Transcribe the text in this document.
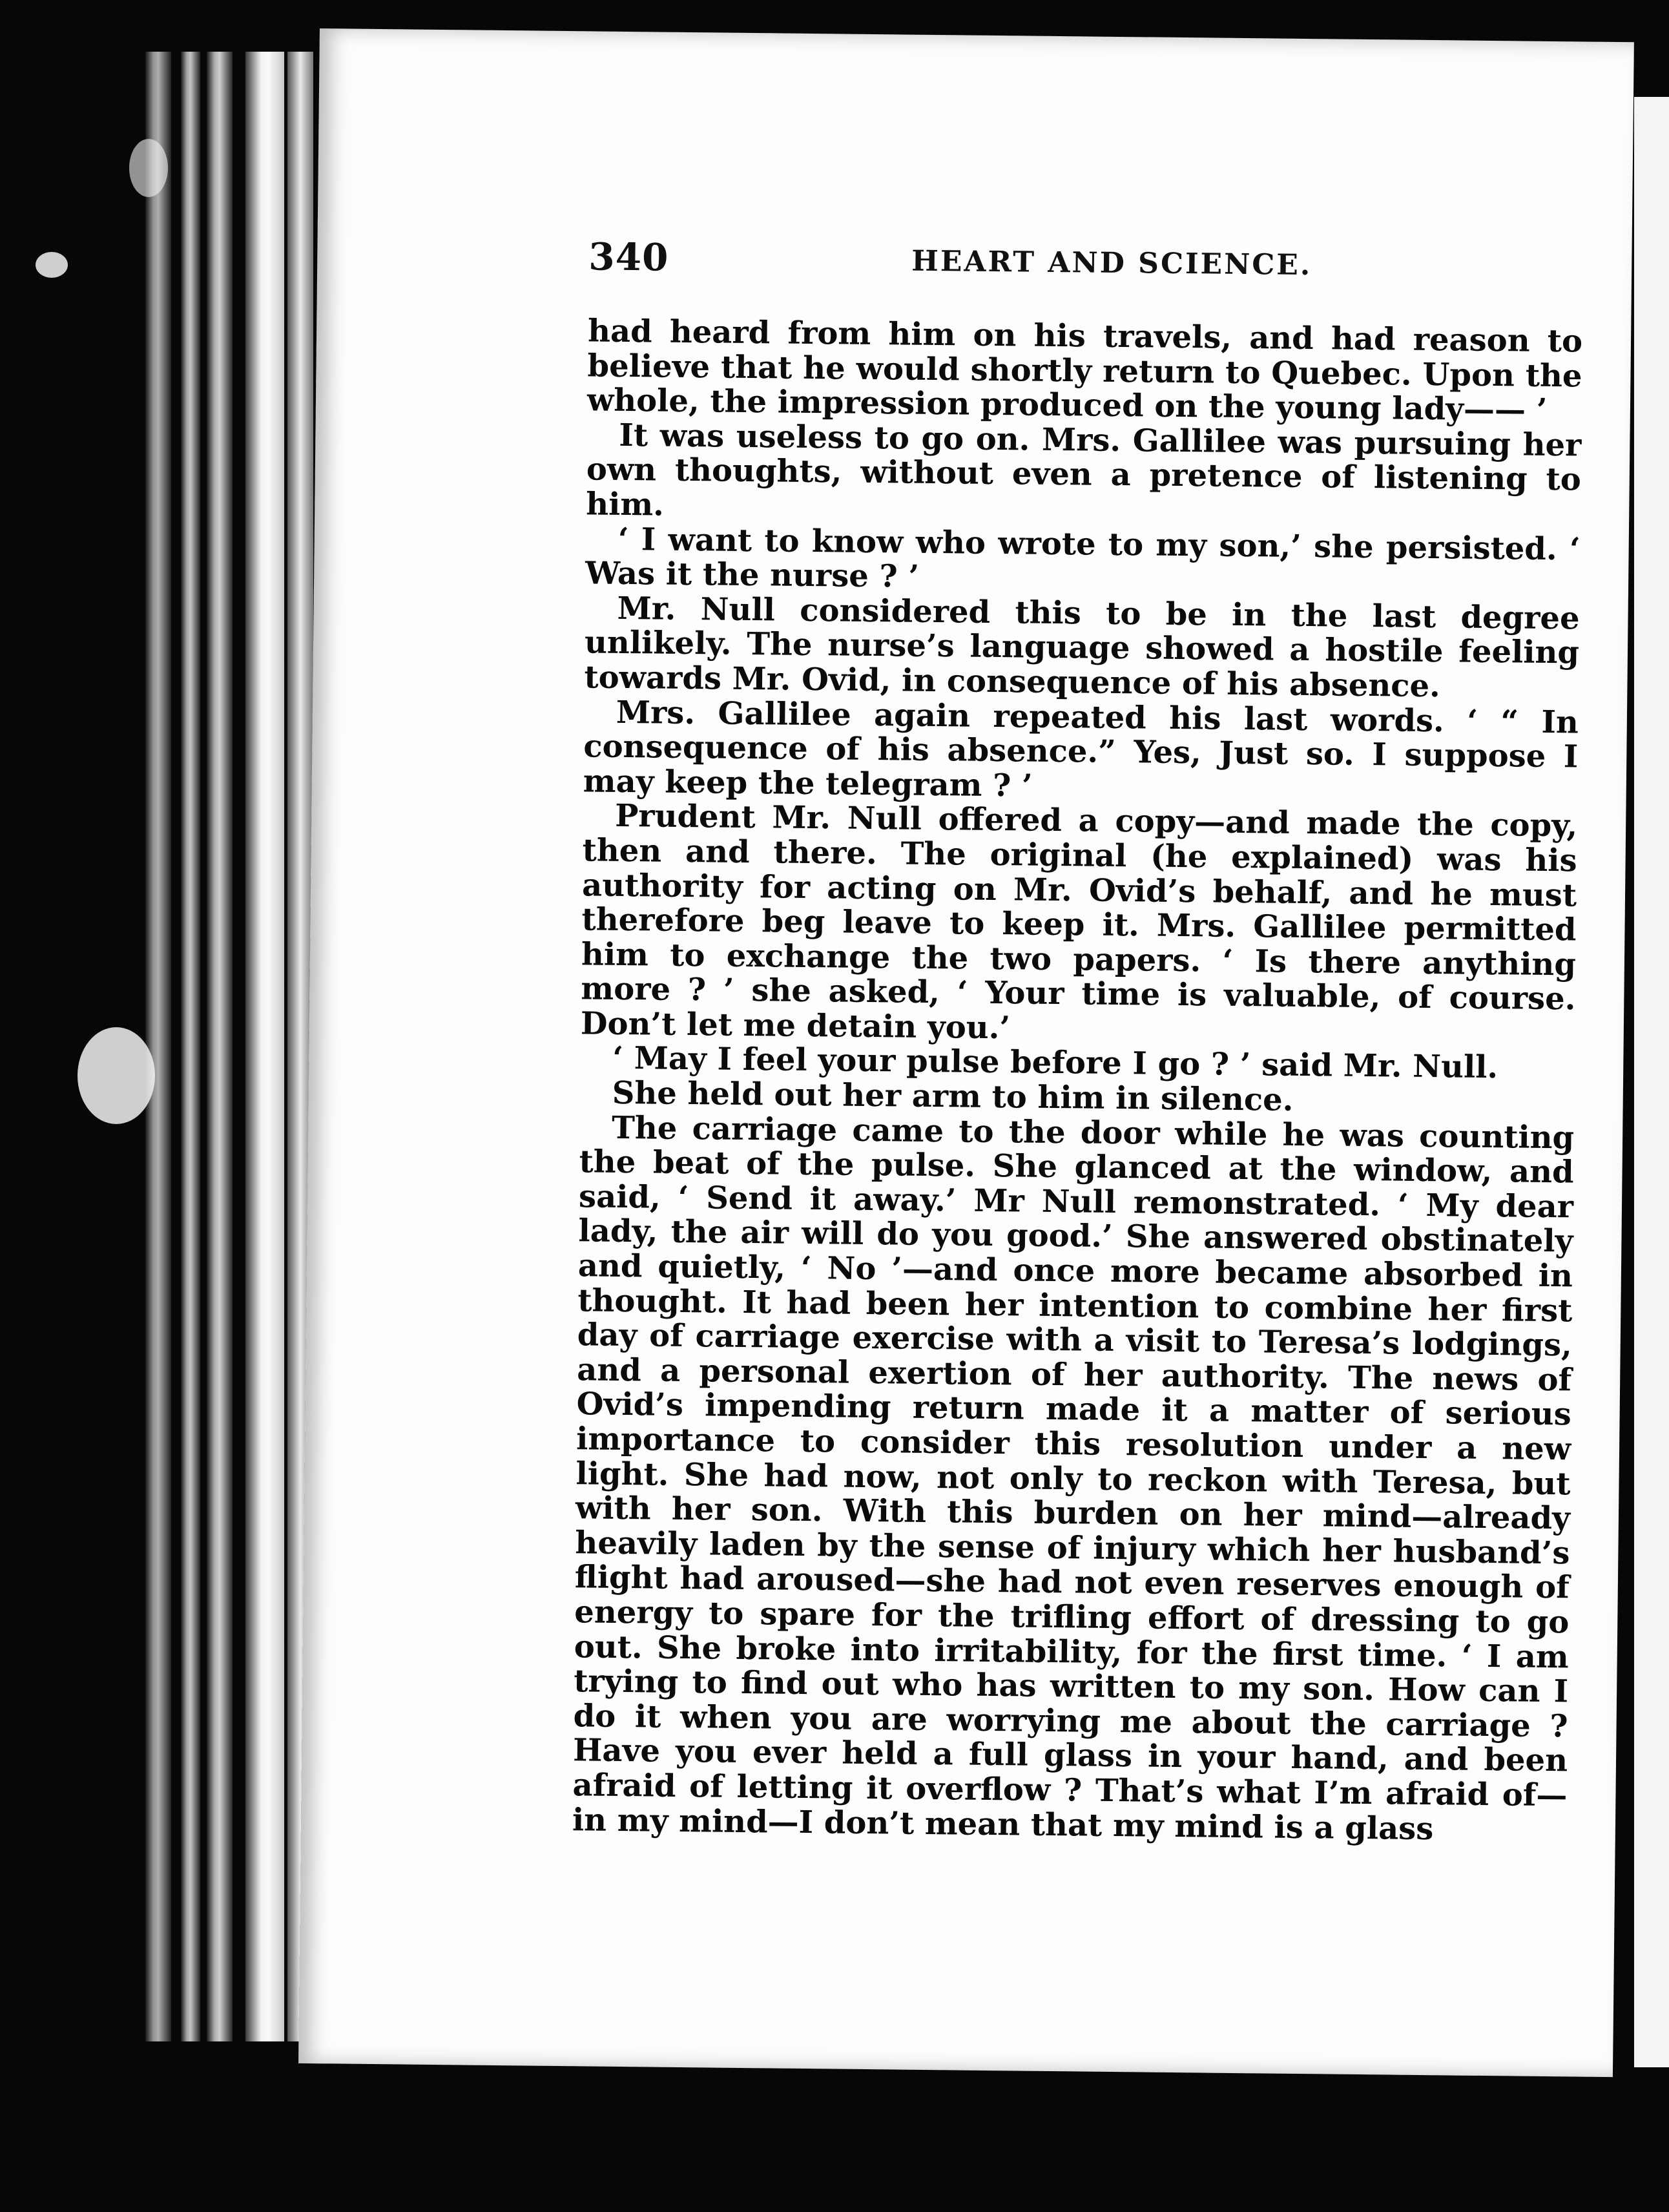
340	HEART AND SCIENCE.

had heard from him on his travels, and had reason to believe that he would shortly return to Quebec. Upon the whole, the impression produced on the young lady—— ’

It was useless to go on. Mrs. Gallilee was pursuing her own thoughts, without even a pretence of listening to him.

‘ I want to know who wrote to my son,’ she persisted. ‘ Was it the nurse ? ’

Mr. Null considered this to be in the last degree unlikely. The nurse’s language showed a hostile feeling towards Mr. Ovid, in consequence of his absence.

Mrs. Gallilee again repeated his last words. ‘ “ In consequence of his absence.” Yes, Just so. I suppose I may keep the telegram ? ’

Prudent Mr. Null offered a copy—and made the copy, then and there. The original (he explained) was his authority for acting on Mr. Ovid’s behalf, and he must therefore beg leave to keep it. Mrs. Gallilee permitted him to exchange the two papers. ‘ Is there anything more ? ’ she asked, ‘ Your time is valuable, of course. Don’t let me detain you.’

‘ May I feel your pulse before I go ? ’ said Mr. Null.

She held out her arm to him in silence.

The carriage came to the door while he was counting the beat of the pulse. She glanced at the window, and said, ‘ Send it away.’ Mr Null remonstrated. ‘ My dear lady, the air will do you good.’ She answered obstinately and quietly, ‘ No ’—and once more became absorbed in thought. It had been her intention to combine her first day of carriage exercise with a visit to Teresa’s lodgings, and a personal exertion of her authority. The news of Ovid’s impending return made it a matter of serious importance to consider this resolution under a new light. She had now, not only to reckon with Teresa, but with her son. With this burden on her mind—already heavily laden by the sense of injury which her husband’s flight had aroused—she had not even reserves enough of energy to spare for the trifling effort of dressing to go out. She broke into irritability, for the first time. ‘ I am trying to find out who has written to my son. How can I do it when you are worrying me about the carriage ? Have you ever held a full glass in your hand, and been afraid of letting it overflow ? That’s what I’m afraid of—in my mind—I don’t mean that my mind is a glass
